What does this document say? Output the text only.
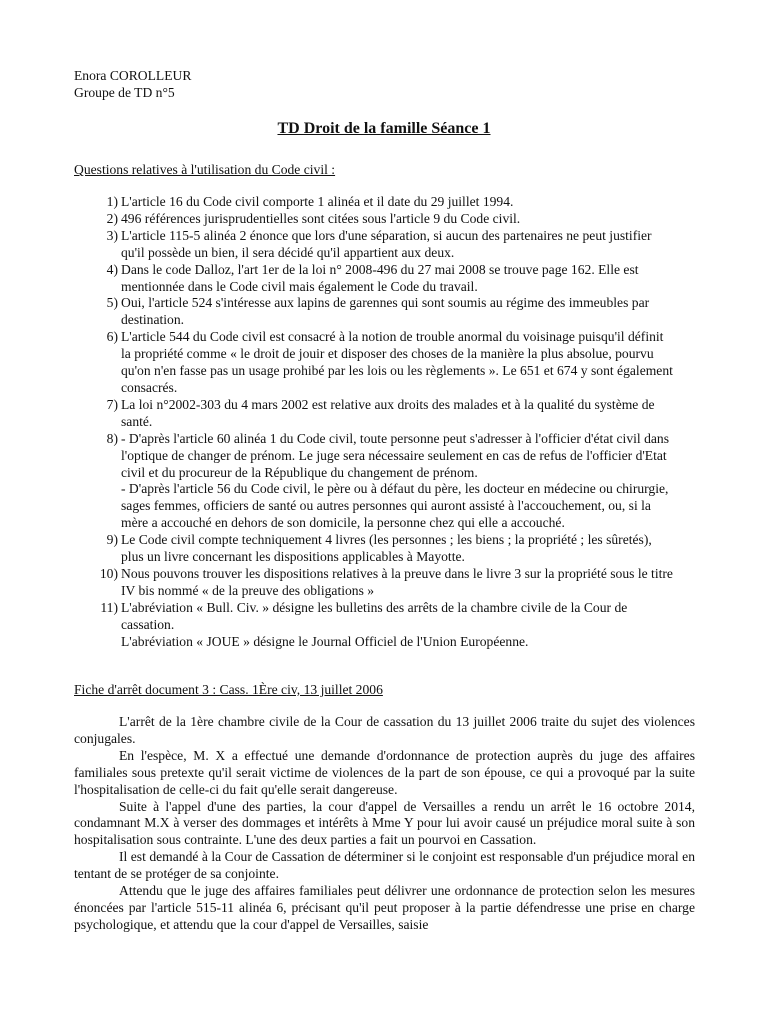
Enora COROLLEUR
Groupe de TD n°5
TD Droit de la famille Séance 1
Questions relatives à l'utilisation du Code civil :
1) L'article 16 du Code civil comporte 1 alinéa et il date du 29 juillet 1994.
2) 496 références jurisprudentielles sont citées sous l'article 9 du Code civil.
3) L'article 115-5 alinéa 2 énonce que lors d'une séparation, si aucun des partenaires ne peut justifier qu'il possède un bien, il sera décidé qu'il appartient aux deux.
4) Dans le code Dalloz, l'art 1er de la loi n° 2008-496 du 27 mai 2008 se trouve page 162. Elle est mentionnée dans le Code civil mais également le Code du travail.
5) Oui, l'article 524 s'intéresse aux lapins de garennes qui sont soumis au régime des immeubles par destination.
6) L'article 544 du Code civil est consacré à la notion de trouble anormal du voisinage puisqu'il définit la propriété comme « le droit de jouir et disposer des choses de la manière la plus absolue, pourvu qu'on n'en fasse pas un usage prohibé par les lois ou les règlements ». Le 651 et 674 y sont également consacrés.
7) La loi n°2002-303 du 4 mars 2002 est relative aux droits des malades et à la qualité du système de santé.
8) - D'après l'article 60 alinéa 1 du Code civil, toute personne peut s'adresser à l'officier d'état civil dans l'optique de changer de prénom. Le juge sera nécessaire seulement en cas de refus de l'officier d'Etat civil et du procureur de la République du changement de prénom.
- D'après l'article 56 du Code civil, le père ou à défaut du père, les docteur en médecine ou chirurgie, sages femmes, officiers de santé ou autres personnes qui auront assisté à l'accouchement, ou, si la mère a accouché en dehors de son domicile, la personne chez qui elle a accouché.
9) Le Code civil compte techniquement 4 livres (les personnes ; les biens ; la propriété ; les sûretés), plus un livre concernant les dispositions applicables à Mayotte.
10) Nous pouvons trouver les dispositions relatives à la preuve dans le livre 3 sur la propriété sous le titre IV bis nommé « de la preuve des obligations »
11) L'abréviation « Bull. Civ. » désigne les bulletins des arrêts de la chambre civile de la Cour de cassation.
L'abréviation « JOUE » désigne le Journal Officiel de l'Union Européenne.
Fiche d'arrêt document 3 : Cass. 1Ère civ, 13 juillet 2006

L'arrêt de la 1ère chambre civile de la Cour de cassation du 13 juillet 2006 traite du sujet des violences conjugales.

En l'espèce, M. X a effectué une demande d'ordonnance de protection auprès du juge des affaires familiales sous pretexte qu'il serait victime de violences de la part de son épouse, ce qui a provoqué par la suite l'hospitalisation de celle-ci du fait qu'elle serait dangereuse.

Suite à l'appel d'une des parties, la cour d'appel de Versailles a rendu un arrêt le 16 octobre 2014, condamnant M.X à verser des dommages et intérêts à Mme Y pour lui avoir causé un préjudice moral suite à son hospitalisation sous contrainte. L'une des deux parties a fait un pourvoi en Cassation.

Il est demandé à la Cour de Cassation de déterminer si le conjoint est responsable d'un préjudice moral en tentant de se protéger de sa conjointe.

Attendu que le juge des affaires familiales peut délivrer une ordonnance de protection selon les mesures énoncées par l'article 515-11 alinéa 6, précisant qu'il peut proposer à la partie défendresse une prise en charge psychologique, et attendu que la cour d'appel de Versailles, saisie
